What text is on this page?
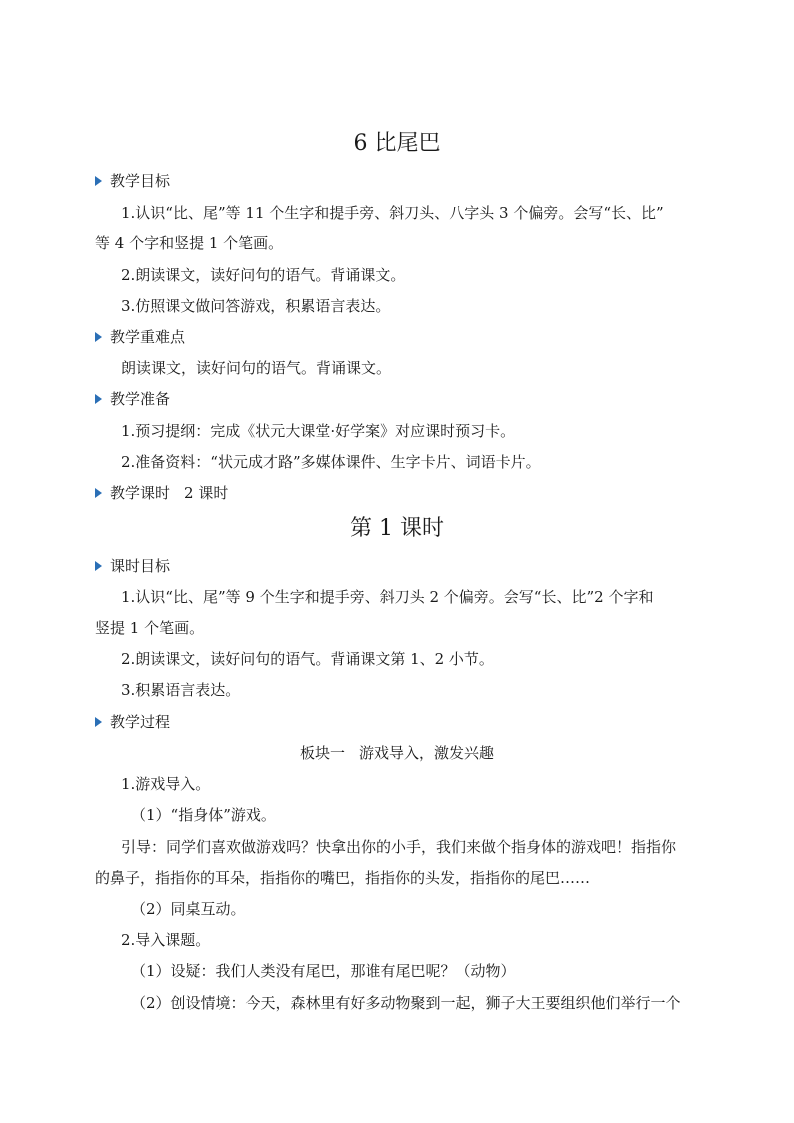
6 比尾巴
教学目标
1.认识“比、尾”等 11 个生字和提手旁、斜刀头、八字头 3 个偏旁。会写“长、比”
等 4 个字和竖提 1 个笔画。
2.朗读课文，读好问句的语气。背诵课文。
3.仿照课文做问答游戏，积累语言表达。
教学重难点
朗读课文，读好问句的语气。背诵课文。
教学准备
1.预习提纲：完成《状元大课堂·好学案》对应课时预习卡。
2.准备资料：“状元成才路”多媒体课件、生字卡片、词语卡片。
教学课时 2 课时
第 1 课时
课时目标
1.认识“比、尾”等 9 个生字和提手旁、斜刀头 2 个偏旁。会写“长、比”2 个字和
竖提 1 个笔画。
2.朗读课文，读好问句的语气。背诵课文第 1、2 小节。
3.积累语言表达。
教学过程
板块一 游戏导入，激发兴趣
1.游戏导入。
（1）“指身体”游戏。
引导：同学们喜欢做游戏吗？快拿出你的小手，我们来做个指身体的游戏吧！指指你
的鼻子，指指你的耳朵，指指你的嘴巴，指指你的头发，指指你的尾巴……
（2）同桌互动。
2.导入课题。
（1）设疑：我们人类没有尾巴，那谁有尾巴呢？（动物）
（2）创设情境：今天，森林里有好多动物聚到一起，狮子大王要组织他们举行一个
